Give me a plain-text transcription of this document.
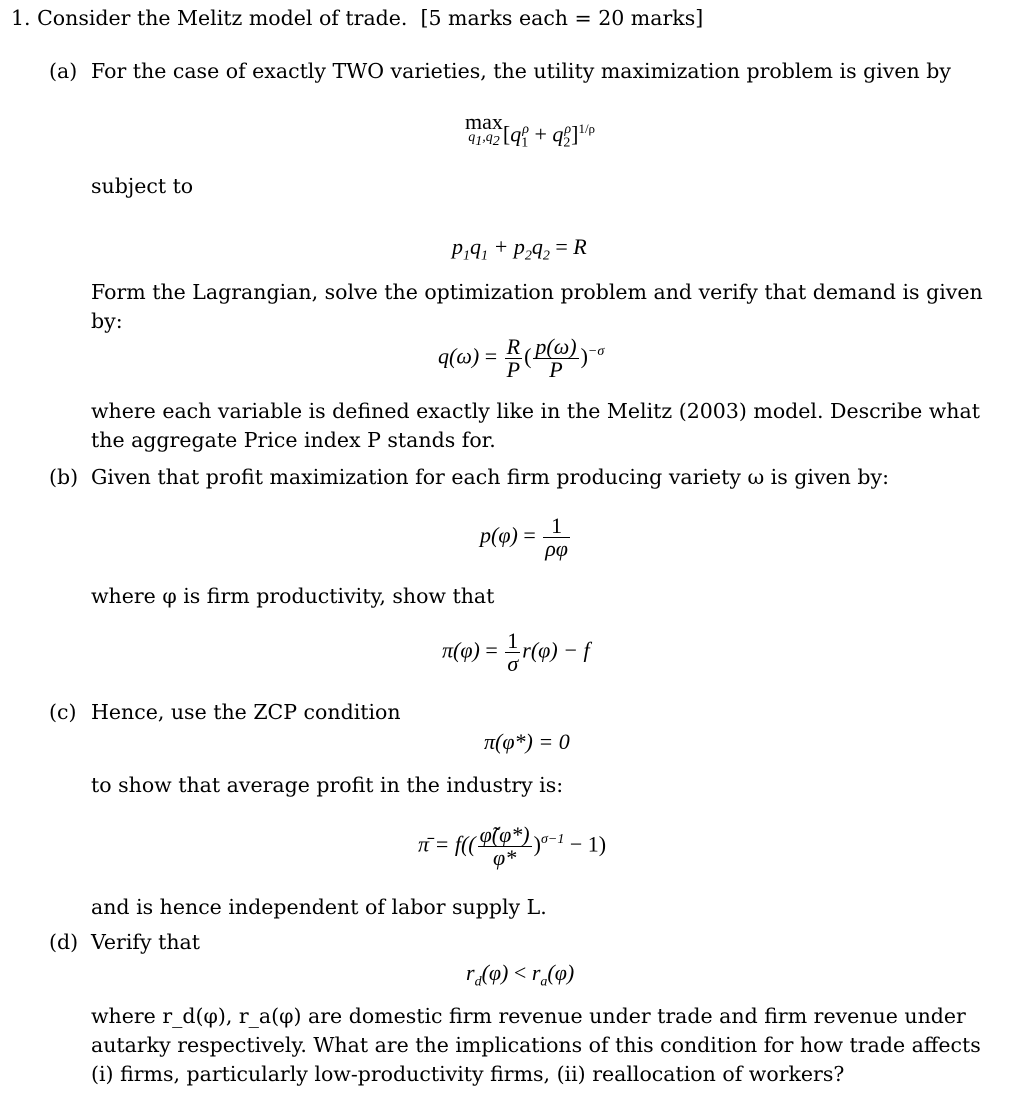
1. Consider the Melitz model of trade. [5 marks each = 20 marks]
(a) For the case of exactly TWO varieties, the utility maximization problem is given by
max
$q_1,q_2$ $[q_1^\rho + q_2^\rho]^{1/\rho}$
subject to
$p_1q_1 + p_2q_2 = R$
Form the Lagrangian, solve the optimization problem and verify that demand is given by:
$q(\omega) = \frac{R}{P}$ ( $\frac{p(\omega)}{P} )^{-\sigma}$
where each variable is defined exactly like in the Melitz (2003) model. Describe what the aggregate Price index P stands for.
(b) Given that profit maximization for each firm producing variety ω is given by:
$p(\varphi) = \frac{1}{\rho\varphi}$
where φ is firm productivity, show that
$\pi(\varphi) = \frac{1}{\sigma} r(\varphi) - f$
(c) Hence, use the ZCP condition
π(φ*) = 0
to show that average profit in the industry is:
π̄ = $f(( \frac{\varphĩ(\varphi*)}{\varphi*} )^{\sigma-1} - 1)$
and is hence independent of labor supply L.
(d) Verify that
$r_d(\varphi) < r_a(\varphi)$
where r_d(φ), r_a(φ) are domestic firm revenue under trade and firm revenue under autarky respectively. What are the implications of this condition for how trade affects (i) firms, particularly low-productivity firms, (ii) reallocation of workers?
